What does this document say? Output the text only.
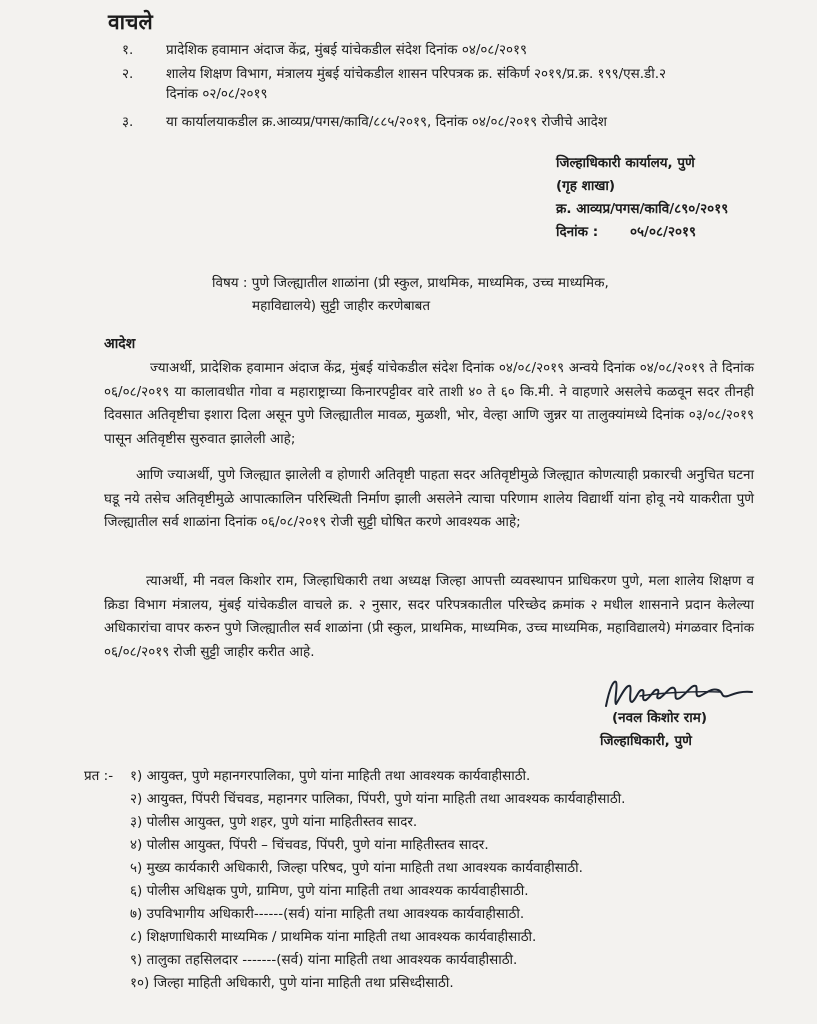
वाचले
१. प्रादेशिक हवामान अंदाज केंद्र, मुंबई यांचेकडील संदेश दिनांक ०४/०८/२०१९
२. शालेय शिक्षण विभाग, मंत्रालय मुंबई यांचेकडील शासन परिपत्रक क्र. संकिर्ण २०१९/प्र.क्र. १९९/एस.डी.२
दिनांक ०२/०८/२०१९
३. या कार्यालयाकडील क्र.आव्यप्र/पगस/कावि/८८५/२०१९, दिनांक ०४/०८/२०१९ रोजीचे आदेश
जिल्हाधिकारी कार्यालय, पुणे
(गृह शाखा)
क्र. आव्यप्र/पगस/कावि/८९०/२०१९
दिनांक : ०५/०८/२०१९
विषय : पुणे जिल्ह्यातील शाळांना (प्री स्कुल, प्राथमिक, माध्यमिक, उच्च माध्यमिक,
महाविद्यालये) सुट्टी जाहीर करणेबाबत
आदेश
ज्याअर्थी, प्रादेशिक हवामान अंदाज केंद्र, मुंबई यांचेकडील संदेश दिनांक ०४/०८/२०१९ अन्वये दिनांक ०४/०८/२०१९ ते दिनांक ०६/०८/२०१९ या कालावधीत गोवा व महाराष्ट्राच्या किनारपट्टीवर वारे ताशी ४० ते ६० कि.मी. ने वाहणारे असलेचे कळवून सदर तीनही दिवसात अतिवृष्टीचा इशारा दिला असून पुणे जिल्ह्यातील मावळ, मुळशी, भोर, वेल्हा आणि जुन्नर या तालुक्यांमध्ये दिनांक ०३/०८/२०१९ पासून अतिवृष्टीस सुरुवात झालेली आहे;
आणि ज्याअर्थी, पुणे जिल्ह्यात झालेली व होणारी अतिवृष्टी पाहता सदर अतिवृष्टीमुळे जिल्ह्यात कोणत्याही प्रकारची अनुचित घटना घडू नये तसेच अतिवृष्टीमुळे आपात्कालिन परिस्थिती निर्माण झाली असलेने त्याचा परिणाम शालेय विद्यार्थी यांना होवू नये याकरीता पुणे जिल्ह्यातील सर्व शाळांना दिनांक ०६/०८/२०१९ रोजी सुट्टी घोषित करणे आवश्यक आहे;
त्याअर्थी, मी नवल किशोर राम, जिल्हाधिकारी तथा अध्यक्ष जिल्हा आपत्ती व्यवस्थापन प्राधिकरण पुणे, मला शालेय शिक्षण व क्रिडा विभाग मंत्रालय, मुंबई यांचेकडील वाचले क्र. २ नुसार, सदर परिपत्रकातील परिच्छेद क्रमांक २ मधील शासनाने प्रदान केलेल्या अधिकारांचा वापर करुन पुणे जिल्ह्यातील सर्व शाळांना (प्री स्कुल, प्राथमिक, माध्यमिक, उच्च माध्यमिक, महाविद्यालये) मंगळवार दिनांक ०६/०८/२०१९ रोजी सुट्टी जाहीर करीत आहे.
(नवल किशोर राम)
जिल्हाधिकारी, पुणे
प्रत :- १) आयुक्त, पुणे महानगरपालिका, पुणे यांना माहिती तथा आवश्यक कार्यवाहीसाठी.
२) आयुक्त, पिंपरी चिंचवड, महानगर पालिका, पिंपरी, पुणे यांना माहिती तथा आवश्यक कार्यवाहीसाठी.
३) पोलीस आयुक्त, पुणे शहर, पुणे यांना माहितीस्तव सादर.
४) पोलीस आयुक्त, पिंपरी – चिंचवड, पिंपरी, पुणे यांना माहितीस्तव सादर.
५) मुख्य कार्यकारी अधिकारी, जिल्हा परिषद, पुणे यांना माहिती तथा आवश्यक कार्यवाहीसाठी.
६) पोलीस अधिक्षक पुणे, ग्रामिण, पुणे यांना माहिती तथा आवश्यक कार्यवाहीसाठी.
७) उपविभागीय अधिकारी------(सर्व) यांना माहिती तथा आवश्यक कार्यवाहीसाठी.
८) शिक्षणाधिकारी माध्यमिक / प्राथमिक यांना माहिती तथा आवश्यक कार्यवाहीसाठी.
९) तालुका तहसिलदार -------(सर्व) यांना माहिती तथा आवश्यक कार्यवाहीसाठी.
१०) जिल्हा माहिती अधिकारी, पुणे यांना माहिती तथा प्रसिध्दीसाठी.
